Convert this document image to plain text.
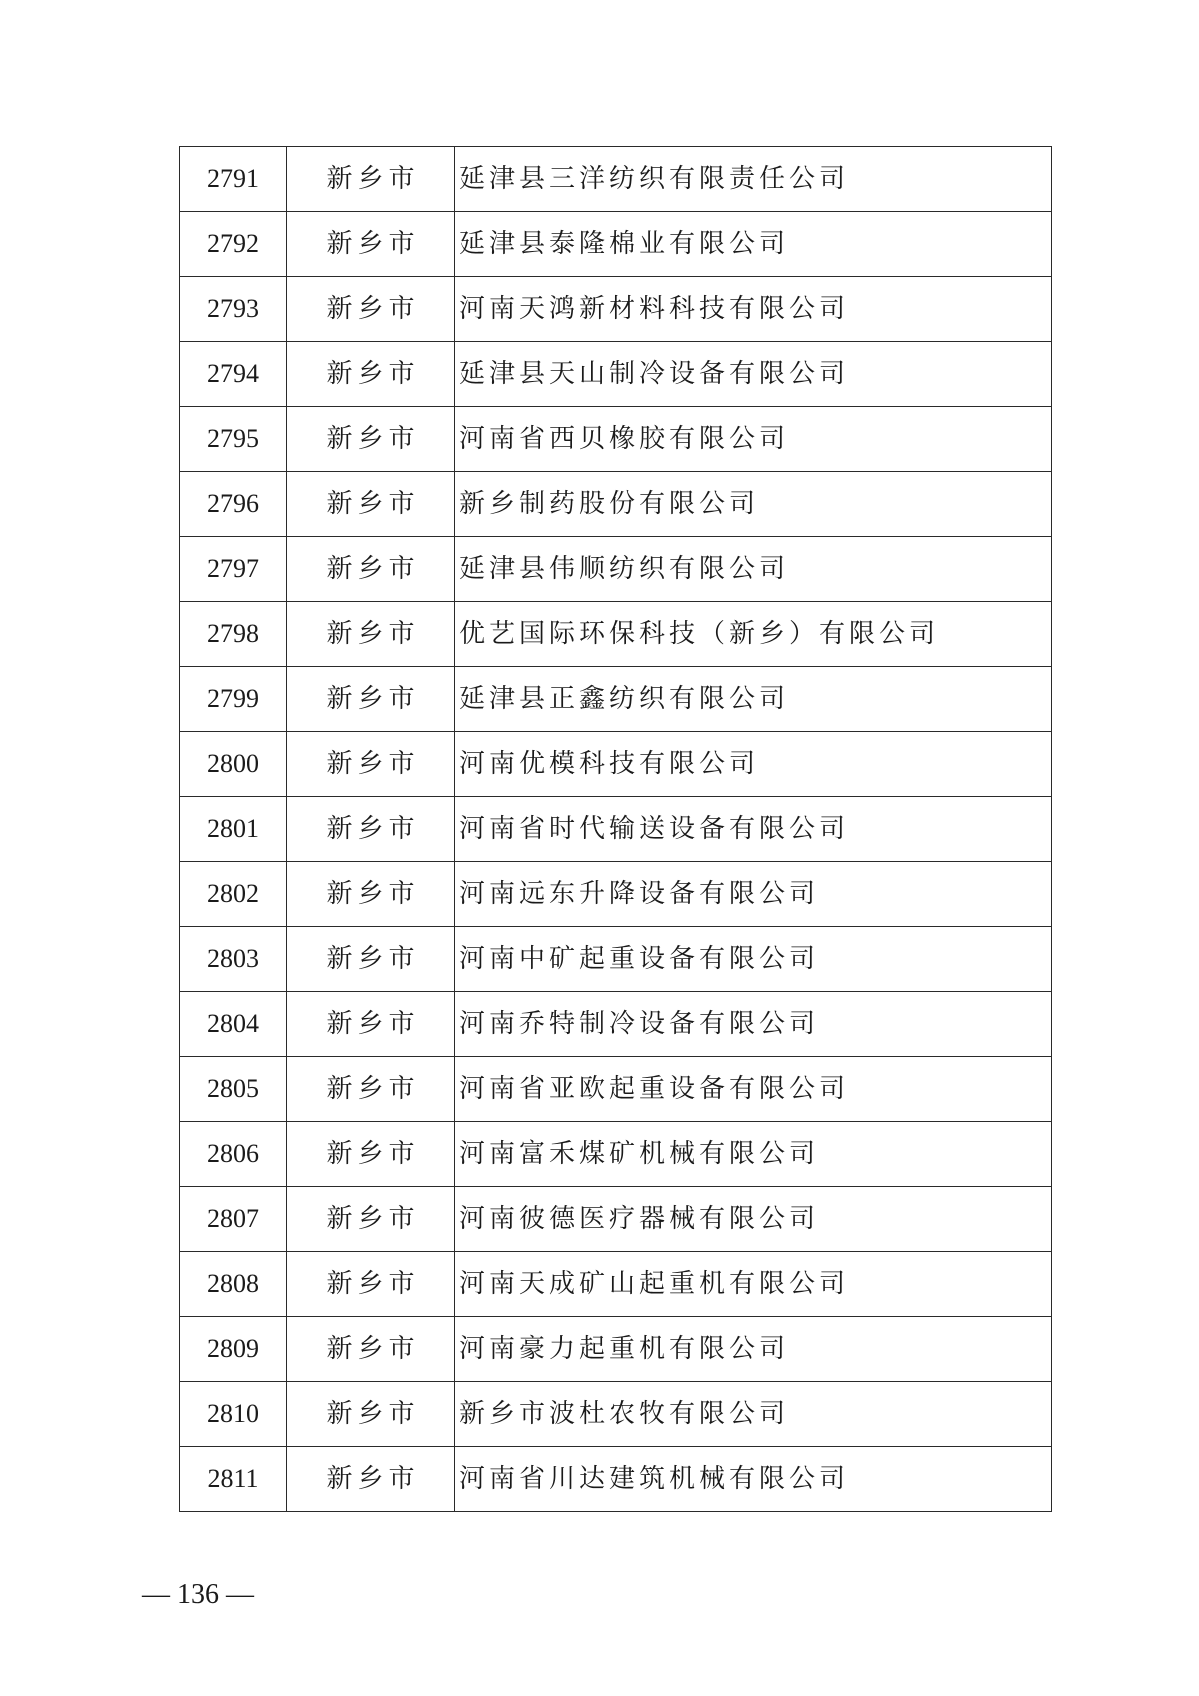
2791	新乡市	延津县三洋纺织有限责任公司
2792	新乡市	延津县泰隆棉业有限公司
2793	新乡市	河南天鸿新材料科技有限公司
2794	新乡市	延津县天山制冷设备有限公司
2795	新乡市	河南省西贝橡胶有限公司
2796	新乡市	新乡制药股份有限公司
2797	新乡市	延津县伟顺纺织有限公司
2798	新乡市	优艺国际环保科技（新乡）有限公司
2799	新乡市	延津县正鑫纺织有限公司
2800	新乡市	河南优模科技有限公司
2801	新乡市	河南省时代输送设备有限公司
2802	新乡市	河南远东升降设备有限公司
2803	新乡市	河南中矿起重设备有限公司
2804	新乡市	河南乔特制冷设备有限公司
2805	新乡市	河南省亚欧起重设备有限公司
2806	新乡市	河南富禾煤矿机械有限公司
2807	新乡市	河南彼德医疗器械有限公司
2808	新乡市	河南天成矿山起重机有限公司
2809	新乡市	河南豪力起重机有限公司
2810	新乡市	新乡市波杜农牧有限公司
2811	新乡市	河南省川达建筑机械有限公司
— 136 —
